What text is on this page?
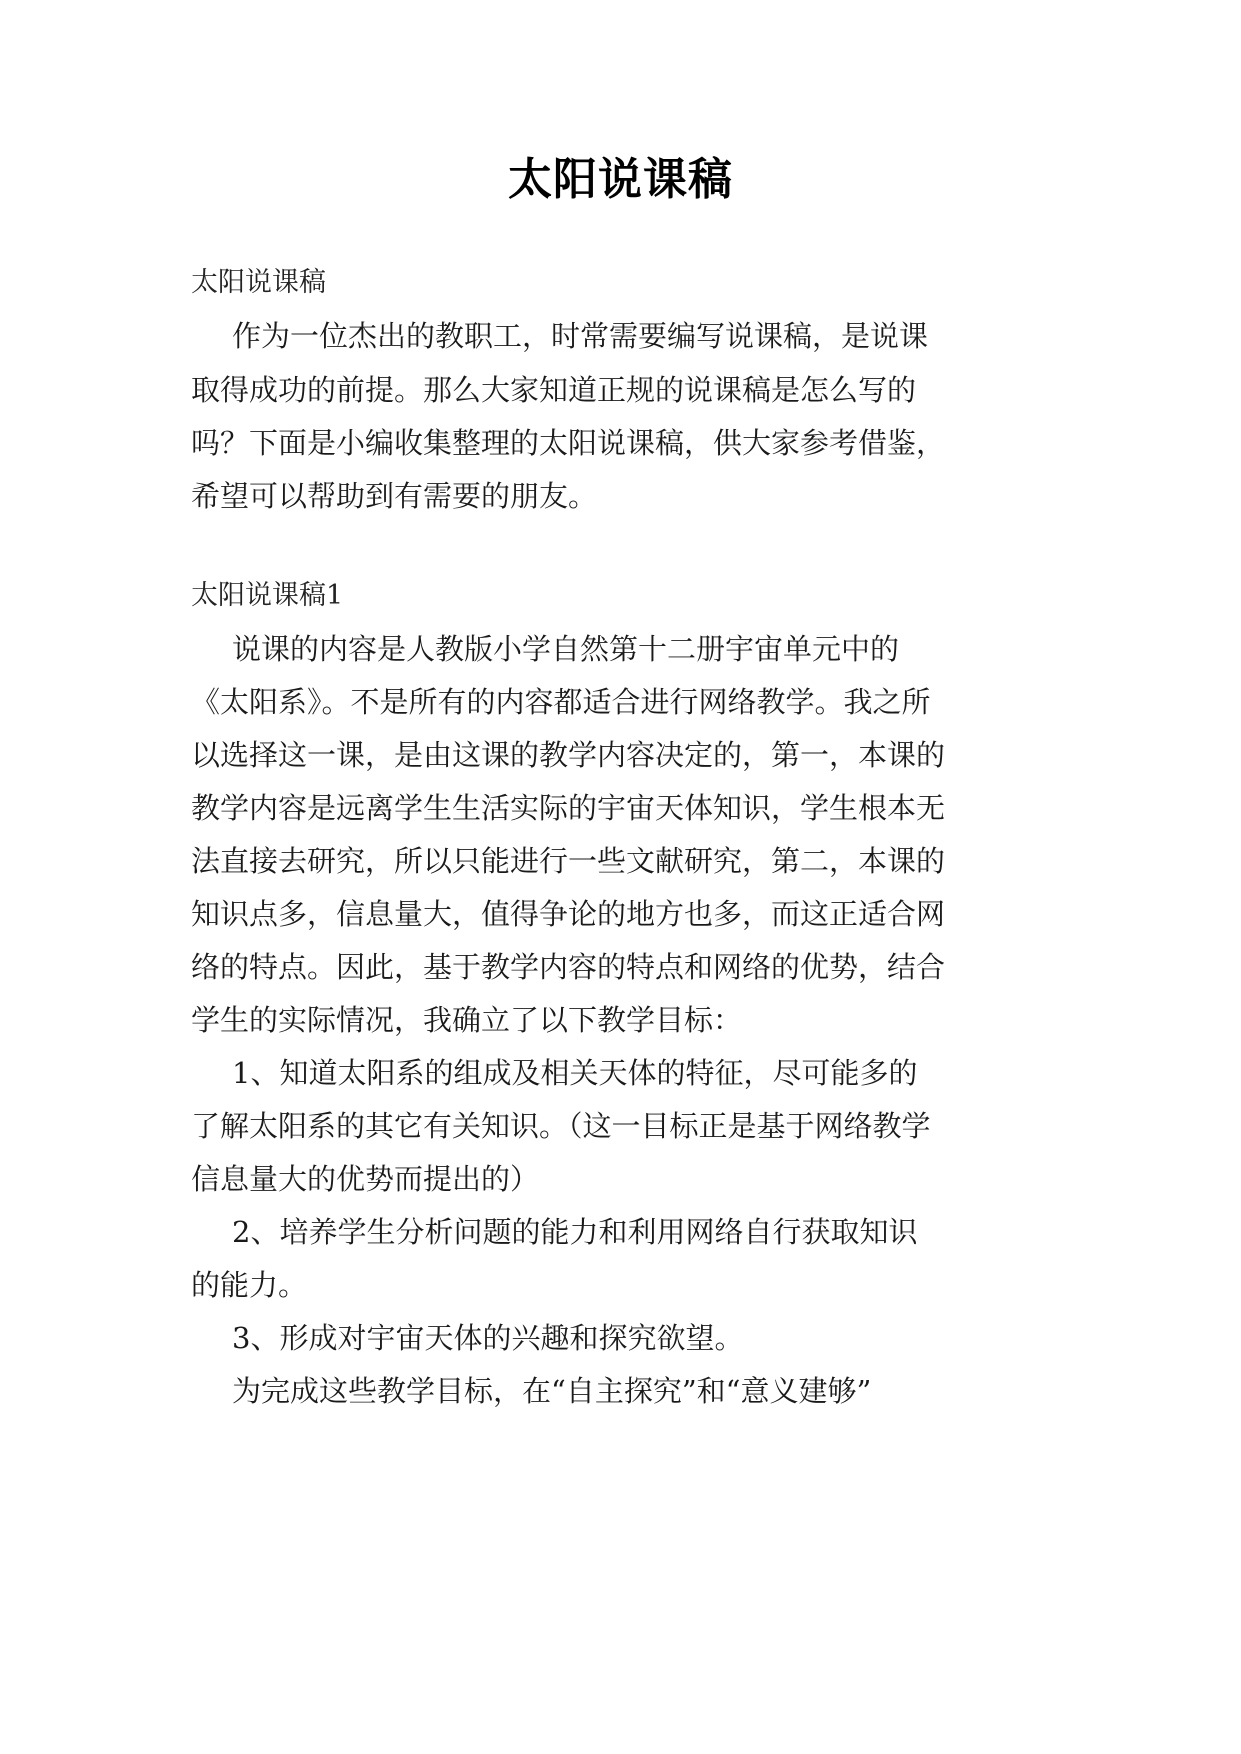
太阳说课稿
太阳说课稿
作为一位杰出的教职工，时常需要编写说课稿，是说课
取得成功的前提。那么大家知道正规的说课稿是怎么写的
吗？下面是小编收集整理的太阳说课稿，供大家参考借鉴，
希望可以帮助到有需要的朋友。
太阳说课稿1
说课的内容是人教版小学自然第十二册宇宙单元中的
《太阳系》。不是所有的内容都适合进行网络教学。我之所
以选择这一课，是由这课的教学内容决定的，第一，本课的
教学内容是远离学生生活实际的宇宙天体知识，学生根本无
法直接去研究，所以只能进行一些文献研究，第二，本课的
知识点多，信息量大，值得争论的地方也多，而这正适合网
络的特点。因此，基于教学内容的特点和网络的优势，结合
学生的实际情况，我确立了以下教学目标：
1、知道太阳系的组成及相关天体的特征，尽可能多的
了解太阳系的其它有关知识。（这一目标正是基于网络教学
信息量大的优势而提出的）
2、培养学生分析问题的能力和利用网络自行获取知识
的能力。
3、形成对宇宙天体的兴趣和探究欲望。
为完成这些教学目标，在“自主探究”和“意义建够”
